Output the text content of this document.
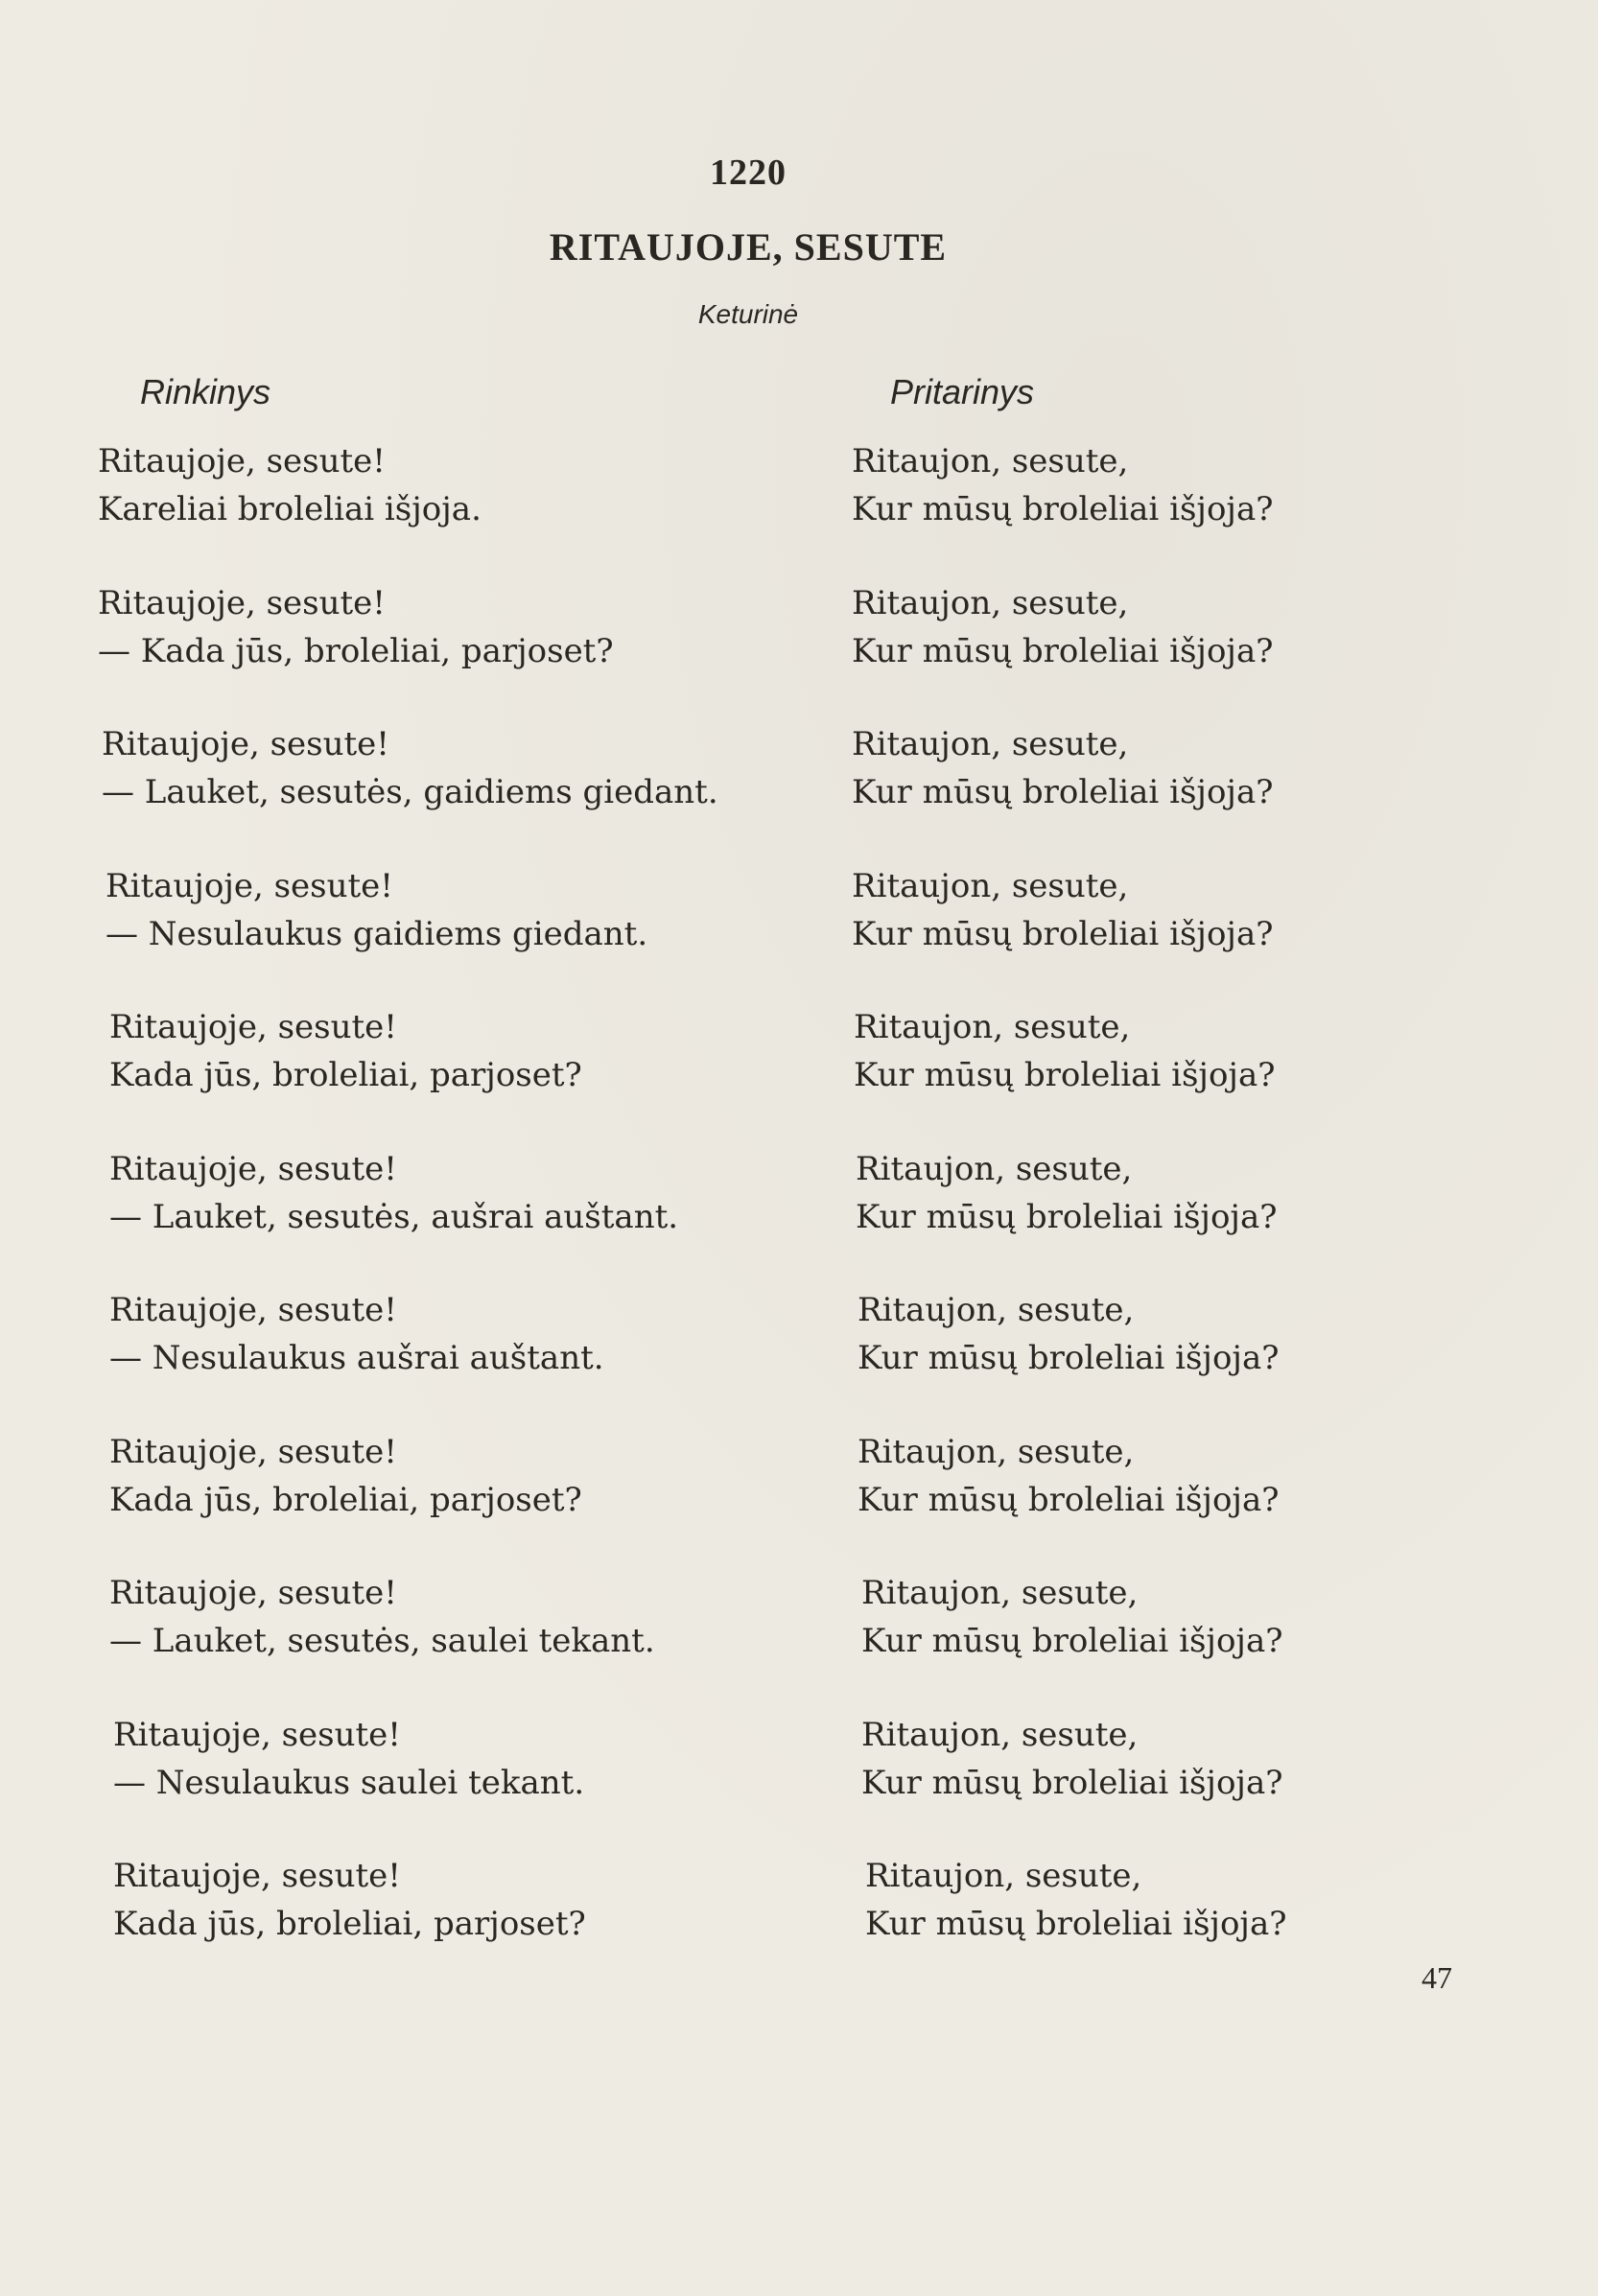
1220
RITAUJOJE, SESUTE
Keturinė
Rinkinys	Pritarinys
Ritaujoje, sesute!
Kareliai broleliai išjoja.
Ritaujoje, sesute!
— Kada jūs, broleliai, parjoset?
Ritaujoje, sesute!
— Lauket, sesutės, gaidiems giedant.
Ritaujoje, sesute!
— Nesulaukus gaidiems giedant.
Ritaujoje, sesute!
Kada jūs, broleliai, parjoset?
Ritaujoje, sesute!
— Lauket, sesutės, aušrai auštant.
Ritaujoje, sesute!
— Nesulaukus aušrai auštant.
Ritaujoje, sesute!
Kada jūs, broleliai, parjoset?
Ritaujoje, sesute!
— Lauket, sesutės, saulei tekant.
Ritaujoje, sesute!
— Nesulaukus saulei tekant.
Ritaujoje, sesute!
Kada jūs, broleliai, parjoset?
Ritaujon, sesute,
Kur mūsų broleliai išjoja?
Ritaujon, sesute,
Kur mūsų broleliai išjoja?
Ritaujon, sesute,
Kur mūsų broleliai išjoja?
Ritaujon, sesute,
Kur mūsų broleliai išjoja?
Ritaujon, sesute,
Kur mūsų broleliai išjoja?
Ritaujon, sesute,
Kur mūsų broleliai išjoja?
Ritaujon, sesute,
Kur mūsų broleliai išjoja?
Ritaujon, sesute,
Kur mūsų broleliai išjoja?
Ritaujon, sesute,
Kur mūsų broleliai išjoja?
Ritaujon, sesute,
Kur mūsų broleliai išjoja?
Ritaujon, sesute,
Kur mūsų broleliai išjoja?
47
